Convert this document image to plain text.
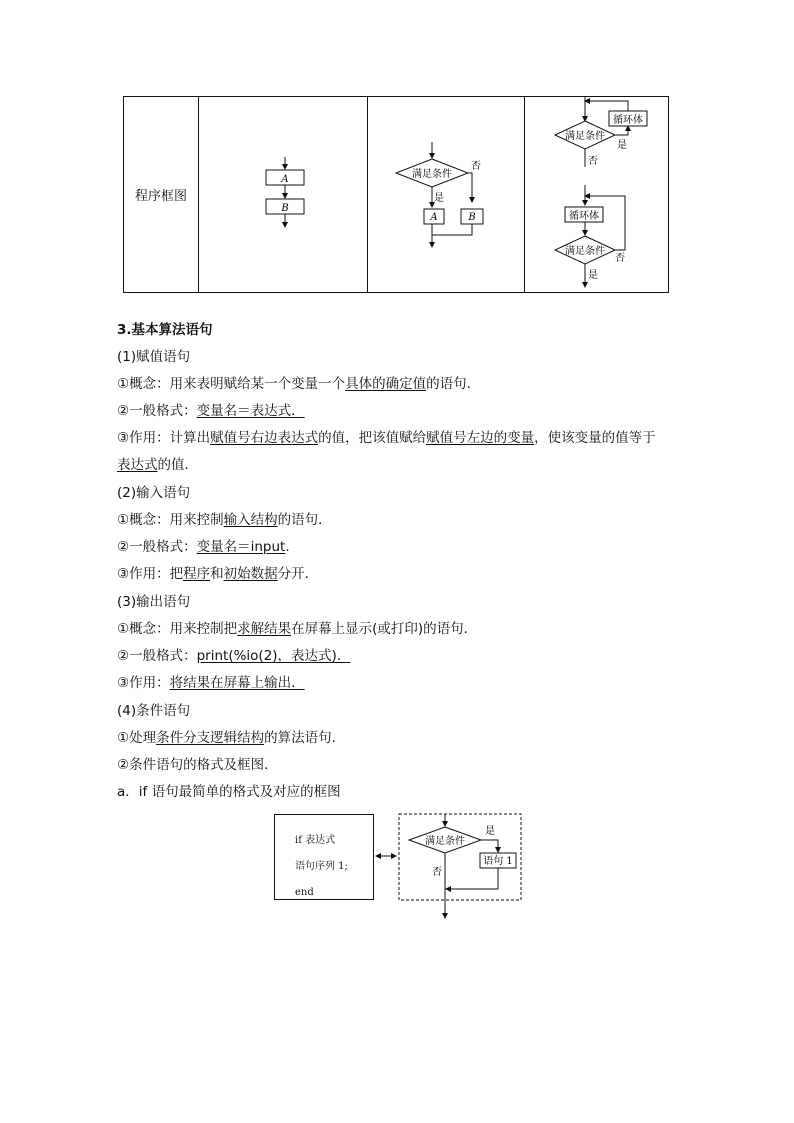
程序框图
A
B
满足条件
否
是
A	B
满足条件
循环体
是
否
循环体
满足条件
否
是
3.基本算法语句
(1)赋值语句
①概念：用来表明赋给某一个变量一个具体的确定值的语句．
②一般格式：变量名＝表达式．
③作用：计算出赋值号右边表达式的值，把该值赋给赋值号左边的变量，使该变量的值等于
表达式的值．
(2)输入语句
①概念：用来控制输入结构的语句．
②一般格式：变量名＝input.
③作用：把程序和初始数据分开．
(3)输出语句
①概念：用来控制把求解结果在屏幕上显示(或打印)的语句．
②一般格式：print(%io(2)，表达式)．
③作用：将结果在屏幕上输出．
(4)条件语句
①处理条件分支逻辑结构的算法语句．
②条件语句的格式及框图．
a．if 语句最简单的格式及对应的框图
if 表达式
语句序列 1;
end
满足条件
是
语句 1
否
